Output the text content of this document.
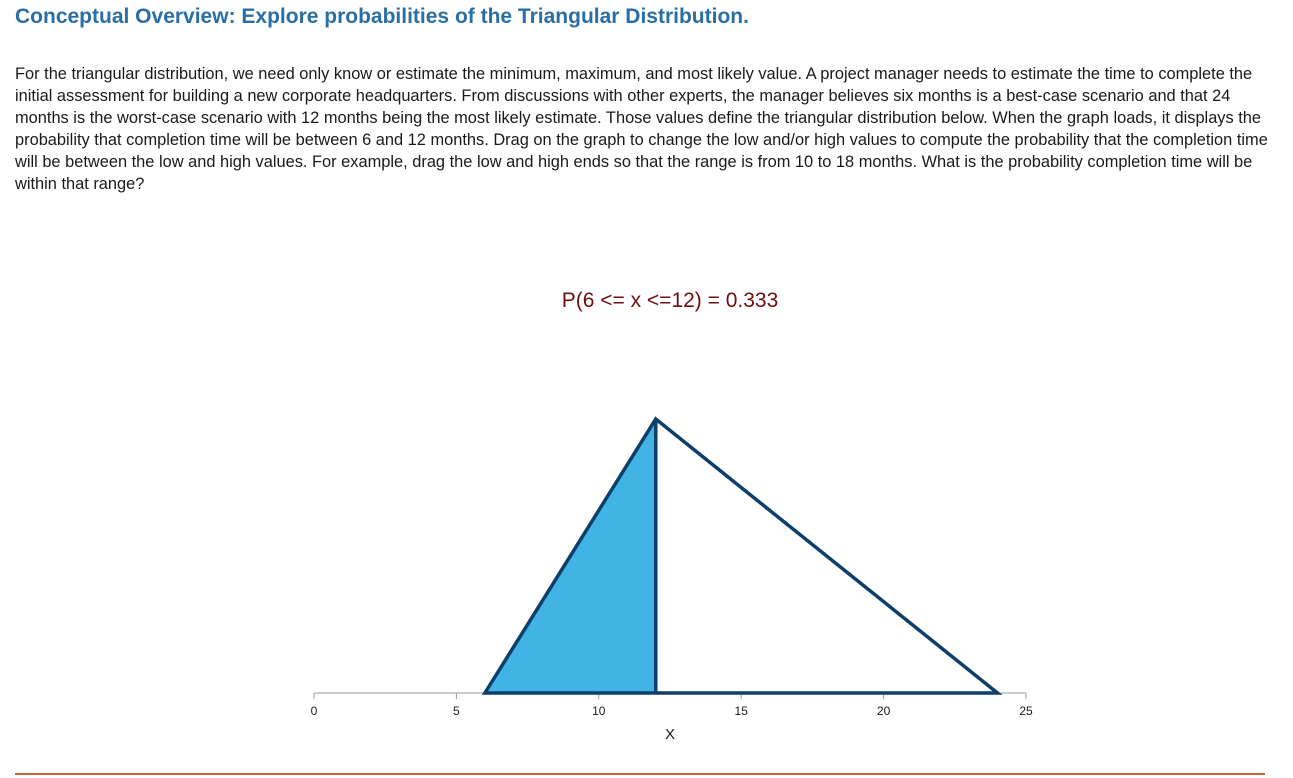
Conceptual Overview: Explore probabilities of the Triangular Distribution.

For the triangular distribution, we need only know or estimate the minimum, maximum, and most likely value. A project manager needs to estimate the time to complete the initial assessment for building a new corporate headquarters. From discussions with other experts, the manager believes six months is a best-case scenario and that 24 months is the worst-case scenario with 12 months being the most likely estimate. Those values define the triangular distribution below. When the graph loads, it displays the probability that completion time will be between 6 and 12 months. Drag on the graph to change the low and/or high values to compute the probability that the completion time will be between the low and high values. For example, drag the low and high ends so that the range is from 10 to 18 months. What is the probability completion time will be within that range?

P(6 <= x <=12) = 0.333
0	5	10	15	20	25
X
